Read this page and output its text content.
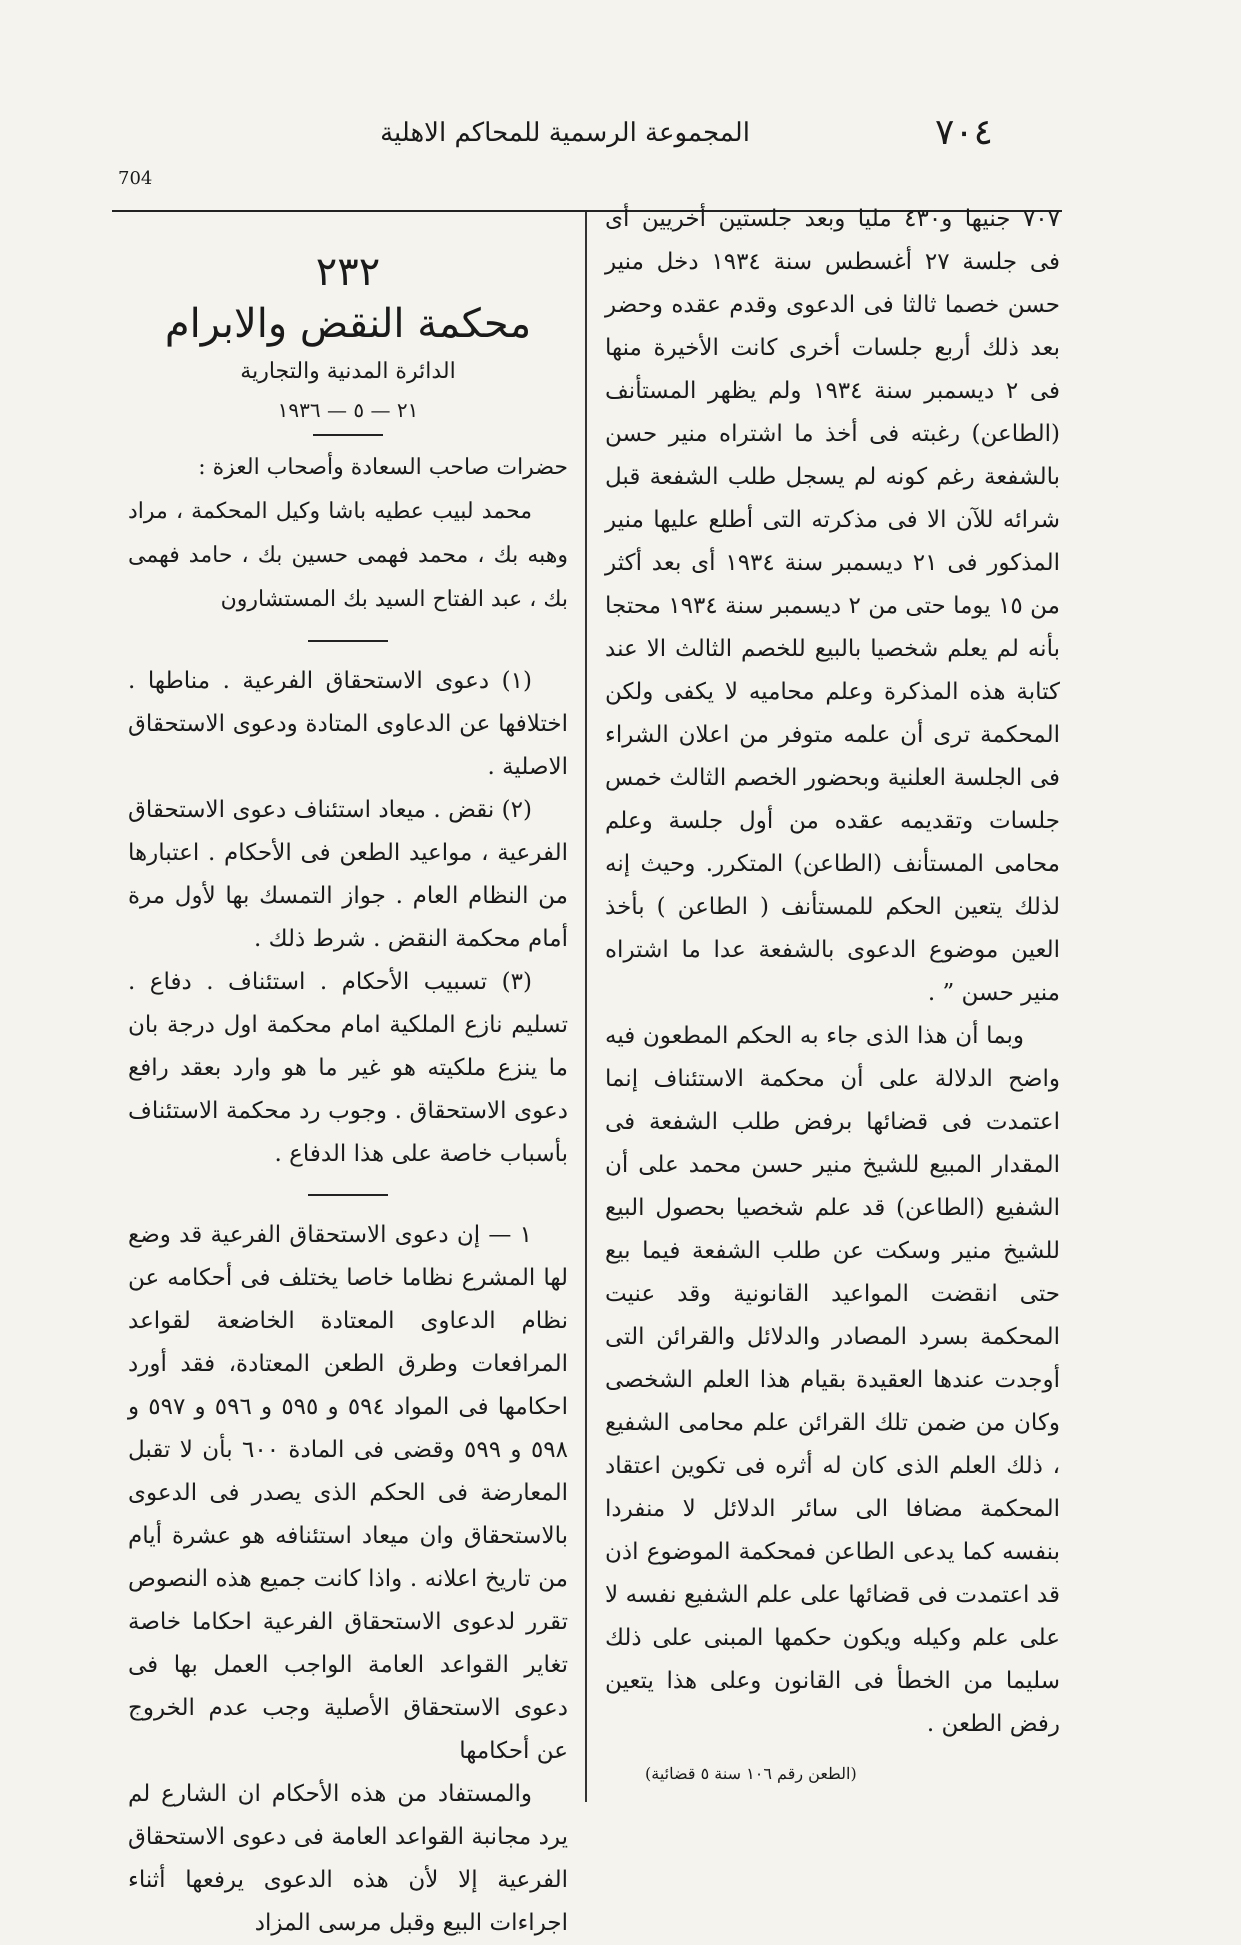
٧٠٤
المجموعة الرسمية للمحاكم الاهلية
704

٧٠٧ جنيها و٤٣٠ مليا وبعد جلستين أخريين أى فى جلسة ٢٧ أغسطس سنة ١٩٣٤ دخل منير حسن خصما ثالثا فى الدعوى وقدم عقده وحضر بعد ذلك أربع جلسات أخرى كانت الأخيرة منها فى ٢ ديسمبر سنة ١٩٣٤ ولم يظهر المستأنف (الطاعن) رغبته فى أخذ ما اشتراه منير حسن بالشفعة رغم كونه لم يسجل طلب الشفعة قبل شرائه للآن الا فى مذكرته التى أطلع عليها منير المذكور فى ٢١ ديسمبر سنة ١٩٣٤ أى بعد أكثر من ١٥ يوما حتى من ٢ ديسمبر سنة ١٩٣٤ محتجا بأنه لم يعلم شخصيا بالبيع للخصم الثالث الا عند كتابة هذه المذكرة وعلم محاميه لا يكفى ولكن المحكمة ترى أن علمه متوفر من اعلان الشراء فى الجلسة العلنية وبحضور الخصم الثالث خمس جلسات وتقديمه عقده من أول جلسة وعلم محامى المستأنف (الطاعن) المتكرر. وحيث إنه لذلك يتعين الحكم للمستأنف ( الطاعن ) بأخذ العين موضوع الدعوى بالشفعة عدا ما اشتراه منير حسن ” .

وبما أن هذا الذى جاء به الحكم المطعون فيه واضح الدلالة على أن محكمة الاستئناف إنما اعتمدت فى قضائها برفض طلب الشفعة فى المقدار المبيع للشيخ منير حسن محمد على أن الشفيع (الطاعن) قد علم شخصيا بحصول البيع للشيخ منير وسكت عن طلب الشفعة فيما بيع حتى انقضت المواعيد القانونية وقد عنيت المحكمة بسرد المصادر والدلائل والقرائن التى أوجدت عندها العقيدة بقيام هذا العلم الشخصى وكان من ضمن تلك القرائن علم محامى الشفيع ، ذلك العلم الذى كان له أثره فى تكوين اعتقاد المحكمة مضافا الى سائر الدلائل لا منفردا بنفسه كما يدعى الطاعن فمحكمة الموضوع اذن قد اعتمدت فى قضائها على علم الشفيع نفسه لا على علم وكيله ويكون حكمها المبنى على ذلك سليما من الخطأ فى القانون وعلى هذا يتعين رفض الطعن .

(الطعن رقم ١٠٦ سنة ٥ قضائية)
٢٣٢
محكمة النقض والابرام
الدائرة المدنية والتجارية
٢١ — ٥ — ١٩٣٦
حضرات صاحب السعادة وأصحاب العزة :
محمد لبيب عطيه باشا وكيل المحكمة ، مراد وهبه بك ، محمد فهمى حسين بك ، حامد فهمى بك ، عبد الفتاح السيد بك المستشارون

(١) دعوى الاستحقاق الفرعية . مناطها . اختلافها عن الدعاوى المتادة ودعوى الاستحقاق الاصلية .

(٢) نقض . ميعاد استئناف دعوى الاستحقاق الفرعية ، مواعيد الطعن فى الأحكام . اعتبارها من النظام العام . جواز التمسك بها لأول مرة أمام محكمة النقض . شرط ذلك .

(٣) تسبيب الأحكام . استئناف . دفاع . تسليم نازع الملكية امام محكمة اول درجة بان ما ينزع ملكيته هو غير ما هو وارد بعقد رافع دعوى الاستحقاق . وجوب رد محكمة الاستئناف بأسباب خاصة على هذا الدفاع .

١ — إن دعوى الاستحقاق الفرعية قد وضع لها المشرع نظاما خاصا يختلف فى أحكامه عن نظام الدعاوى المعتادة الخاضعة لقواعد المرافعات وطرق الطعن المعتادة، فقد أورد احكامها فى المواد ٥٩٤ و ٥٩٥ و ٥٩٦ و ٥٩٧ و ٥٩٨ و ٥٩٩ وقضى فى المادة ٦٠٠ بأن لا تقبل المعارضة فى الحكم الذى يصدر فى الدعوى بالاستحقاق وان ميعاد استئنافه هو عشرة أيام من تاريخ اعلانه . واذا كانت جميع هذه النصوص تقرر لدعوى الاستحقاق الفرعية احكاما خاصة تغاير القواعد العامة الواجب العمل بها فى دعوى الاستحقاق الأصلية وجب عدم الخروج عن أحكامها

والمستفاد من هذه الأحكام ان الشارع لم يرد مجانبة القواعد العامة فى دعوى الاستحقاق الفرعية إلا لأن هذه الدعوى يرفعها أثناء اجراءات البيع وقبل مرسى المزاد
